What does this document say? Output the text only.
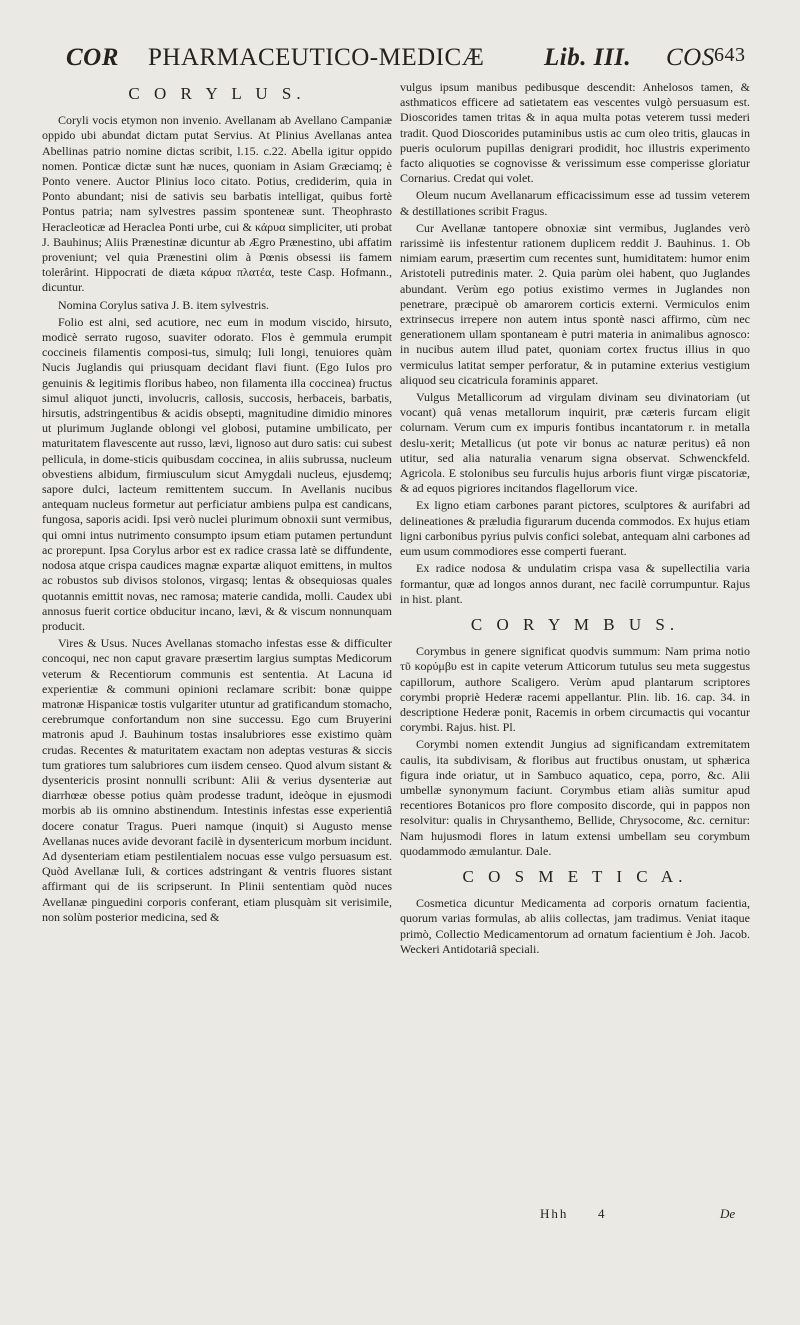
COR PHARMACEUTICO-MEDICÆ Lib. III. COS 643
C O R Y L U S.

Coryli vocis etymon non invenio. Avellanam ab Avellano Campaniæ oppido ubi abundat dictam putat Servius. At Plinius Avellanas antea Abellinas patrio nomine dictas scribit, l.15. c.22. Abella igitur oppido nomen. Ponticæ dictæ sunt hæ nuces, quoniam in Asiam Græciamq; è Ponto venere. Auctor Plinius loco citato. Potius, crediderim, quia in Ponto abundant; nisi de sativis seu barbatis intelligat, quibus fortè Pontus patria; nam sylvestres passim sponteneæ sunt. Theophrasto Heracleoticæ ad Heraclea Ponti urbe, cui & κάρυα simpliciter, uti probat J. Bauhinus; Aliis Prænestinæ dicuntur ab Ægro Prænestino, ubi affatim proveniunt; vel quia Prænestini olim à Pœnis obsessi iis famem tolerârint. Hippocrati de diæta κάρυα πλατέα, teste Casp. Hofmann., dicuntur.

Nomina Corylus sativa J. B. item sylvestris.

Folio est alni, sed acutiore, nec eum in modum viscido, hirsuto, modicè serrato rugoso, suaviter odorato. Flos è gemmula erumpit coccineis filamentis composi-tus, simulq; Iuli longi, tenuiores quàm Nucis Juglandis qui priusquam decidant flavi fiunt. (Ego Iulos pro genuinis & legitimis floribus habeo, non filamenta illa coccinea) fructus simul aliquot juncti, involucris, callosis, succosis, herbaceis, barbatis, hirsutis, adstringentibus & acidis obsepti, magnitudine dimidio minores ut plurimum Juglande oblongi vel globosi, putamine umbilicato, per maturitatem flavescente aut russo, lævi, lignoso aut duro satis: cui subest pellicula, in dome-sticis quibusdam coccinea, in aliis subrussa, nucleum obvestiens albidum, firmiusculum sicut Amygdali nucleus, ejusdemq; sapore dulci, lacteum remittentem succum. In Avellanis nucibus antequam nucleus formetur aut perficiatur ambiens pulpa est candicans, fungosa, saporis acidi. Ipsi verò nuclei plurimum obnoxii sunt vermibus, qui omni intus nutrimento consumpto ipsum etiam putamen pertundunt ac prorepunt. Ipsa Corylus arbor est ex radice crassa latè se diffundente, nodosa atque crispa caudices magnæ expartæ aliquot emittens, in multos ac robustos sub divisos stolonos, virgasq; lentas & obsequiosas quales quotannis emittit novas, nec ramosa; materie candida, molli. Caudex ubi annosus fuerit cortice obducitur incano, lævi, & & viscum nonnunquam producit.

Vires & Usus. Nuces Avellanas stomacho infestas esse & difficulter concoqui, nec non caput gravare præsertim largius sumptas Medicorum veterum & Recentiorum communis est sententia. At Lacuna id experientiæ & communi opinioni reclamare scribit: bonæ quippe matronæ Hispanicæ tostis vulgariter utuntur ad gratificandum stomacho, cerebrumque confortandum non sine successu. Ego cum Bruyerini matronis apud J. Bauhinum tostas insalubriores esse existimo quàm crudas. Recentes & maturitatem exactam non adeptas vesturas & siccis tum gratiores tum salubriores cum iisdem censeo. Quod alvum sistant & dysentericis prosint nonnulli scribunt: Alii & verius dysenteriæ aut diarrhœæ obesse potius quàm prodesse tradunt, ideòque in ejusmodi morbis ab iis omnino abstinendum. Intestinis infestas esse experientiâ docere conatur Tragus. Pueri namque (inquit) si Augusto mense Avellanas nuces avide devorant facilè in dysentericum morbum incidunt. Ad dysenteriam etiam pestilentialem nocuas esse vulgo persuasum est. Quòd Avellanæ Iuli, & cortices adstringant & ventris fluores sistant affirmant qui de iis scripserunt. In Plinii sententiam quòd nuces Avellanæ pinguedini corporis conferant, etiam plusquàm sit verisimile, non solùm posterior medicina, sed &

vulgus ipsum manibus pedibusque descendit: Anhelosos tamen, & asthmaticos efficere ad satietatem eas vescentes vulgò persuasum est. Dioscorides tamen tritas & in aqua multa potas veterem tussi mederi tradit. Quod Dioscorides putaminibus ustis ac cum oleo tritis, glaucas in pueris oculorum pupillas denigrari prodidit, hoc illustris experimento facto aliquoties se cognovisse & verissimum esse comperisse gloriatur Cornarius. Credat qui volet.

Oleum nucum Avellanarum efficacissimum esse ad tussim veterem & destillationes scribit Fragus.

Cur Avellanæ tantopere obnoxiæ sint vermibus, Juglandes verò rarissimè iis infestentur rationem duplicem reddit J. Bauhinus. 1. Ob nimiam earum, præsertim cum recentes sunt, humiditatem: humor enim Aristoteli putredinis mater. 2. Quia parùm olei habent, quo Juglandes abundant. Verùm ego potius existimo vermes in Juglandes non penetrare, præcipuè ob amarorem corticis externi. Vermiculos enim extrinsecus irrepere non autem intus spontè nasci affirmo, cùm nec generationem ullam spontaneam è putri materia in animalibus agnosco: in nucibus autem illud patet, quoniam cortex fructus illius in quo vermiculus latitat semper perforatur, & in putamine exterius vestigium aliquod seu cicatricula foraminis apparet.

Vulgus Metallicorum ad virgulam divinam seu divinatoriam (ut vocant) quâ venas metallorum inquirit, præ cæteris furcam eligit colurnam. Verum cum ex impuris fontibus incantatorum r. in metalla deslu-xerit; Metallicus (ut pote vir bonus ac naturæ peritus) eâ non utitur, sed alia naturalia venarum signa observat. Schwenckfeld. Agricola. E stolonibus seu furculis hujus arboris fiunt virgæ piscatoriæ, & ad equos pigriores incitandos flagellorum vice.

Ex ligno etiam carbones parant pictores, sculptores & aurifabri ad delineationes & præludia figurarum ducenda commodos. Ex hujus etiam ligni carbonibus pyrius pulvis confici solebat, antequam alni carbones ad eum usum commodiores esse comperti fuerant.

Ex radice nodosa & undulatim crispa vasa & supellectilia varia formantur, quæ ad longos annos durant, nec facilè corrumpuntur. Rajus in hist. plant.

C O R Y M B U S.

Corymbus in genere significat quodvis summum: Nam prima notio τῦ κορύμβυ est in capite veterum Atticorum tutulus seu meta suggestus capillorum, authore Scaligero. Verùm apud plantarum scriptores corymbi propriè Hederæ racemi appellantur. Plin. lib. 16. cap. 34. in descriptione Hederæ ponit, Racemis in orbem circumactis qui vocantur corymbi. Rajus. hist. Pl.

Corymbi nomen extendit Jungius ad significandam extremitatem caulis, ita subdivisam, & floribus aut fructibus onustam, ut sphærica figura inde oriatur, ut in Sambuco aquatico, cepa, porro, &c. Alii umbellæ synonymum faciunt. Corymbus etiam aliàs sumitur apud recentiores Botanicos pro flore composito discorde, qui in pappos non resolvitur: qualis in Chrysanthemo, Bellide, Chrysocome, &c. cernitur: Nam hujusmodi flores in latum extensi umbellam seu corymbum quodammodo æmulantur. Dale.

C O S M E T I C A.

Cosmetica dicuntur Medicamenta ad corporis ornatum facientia, quorum varias formulas, ab aliis collectas, jam tradimus. Veniat itaque primò, Collectio Medicamentorum ad ornatum facientium è Joh. Jacob. Weckeri Antidotariâ speciali.

Hhh 4	De
